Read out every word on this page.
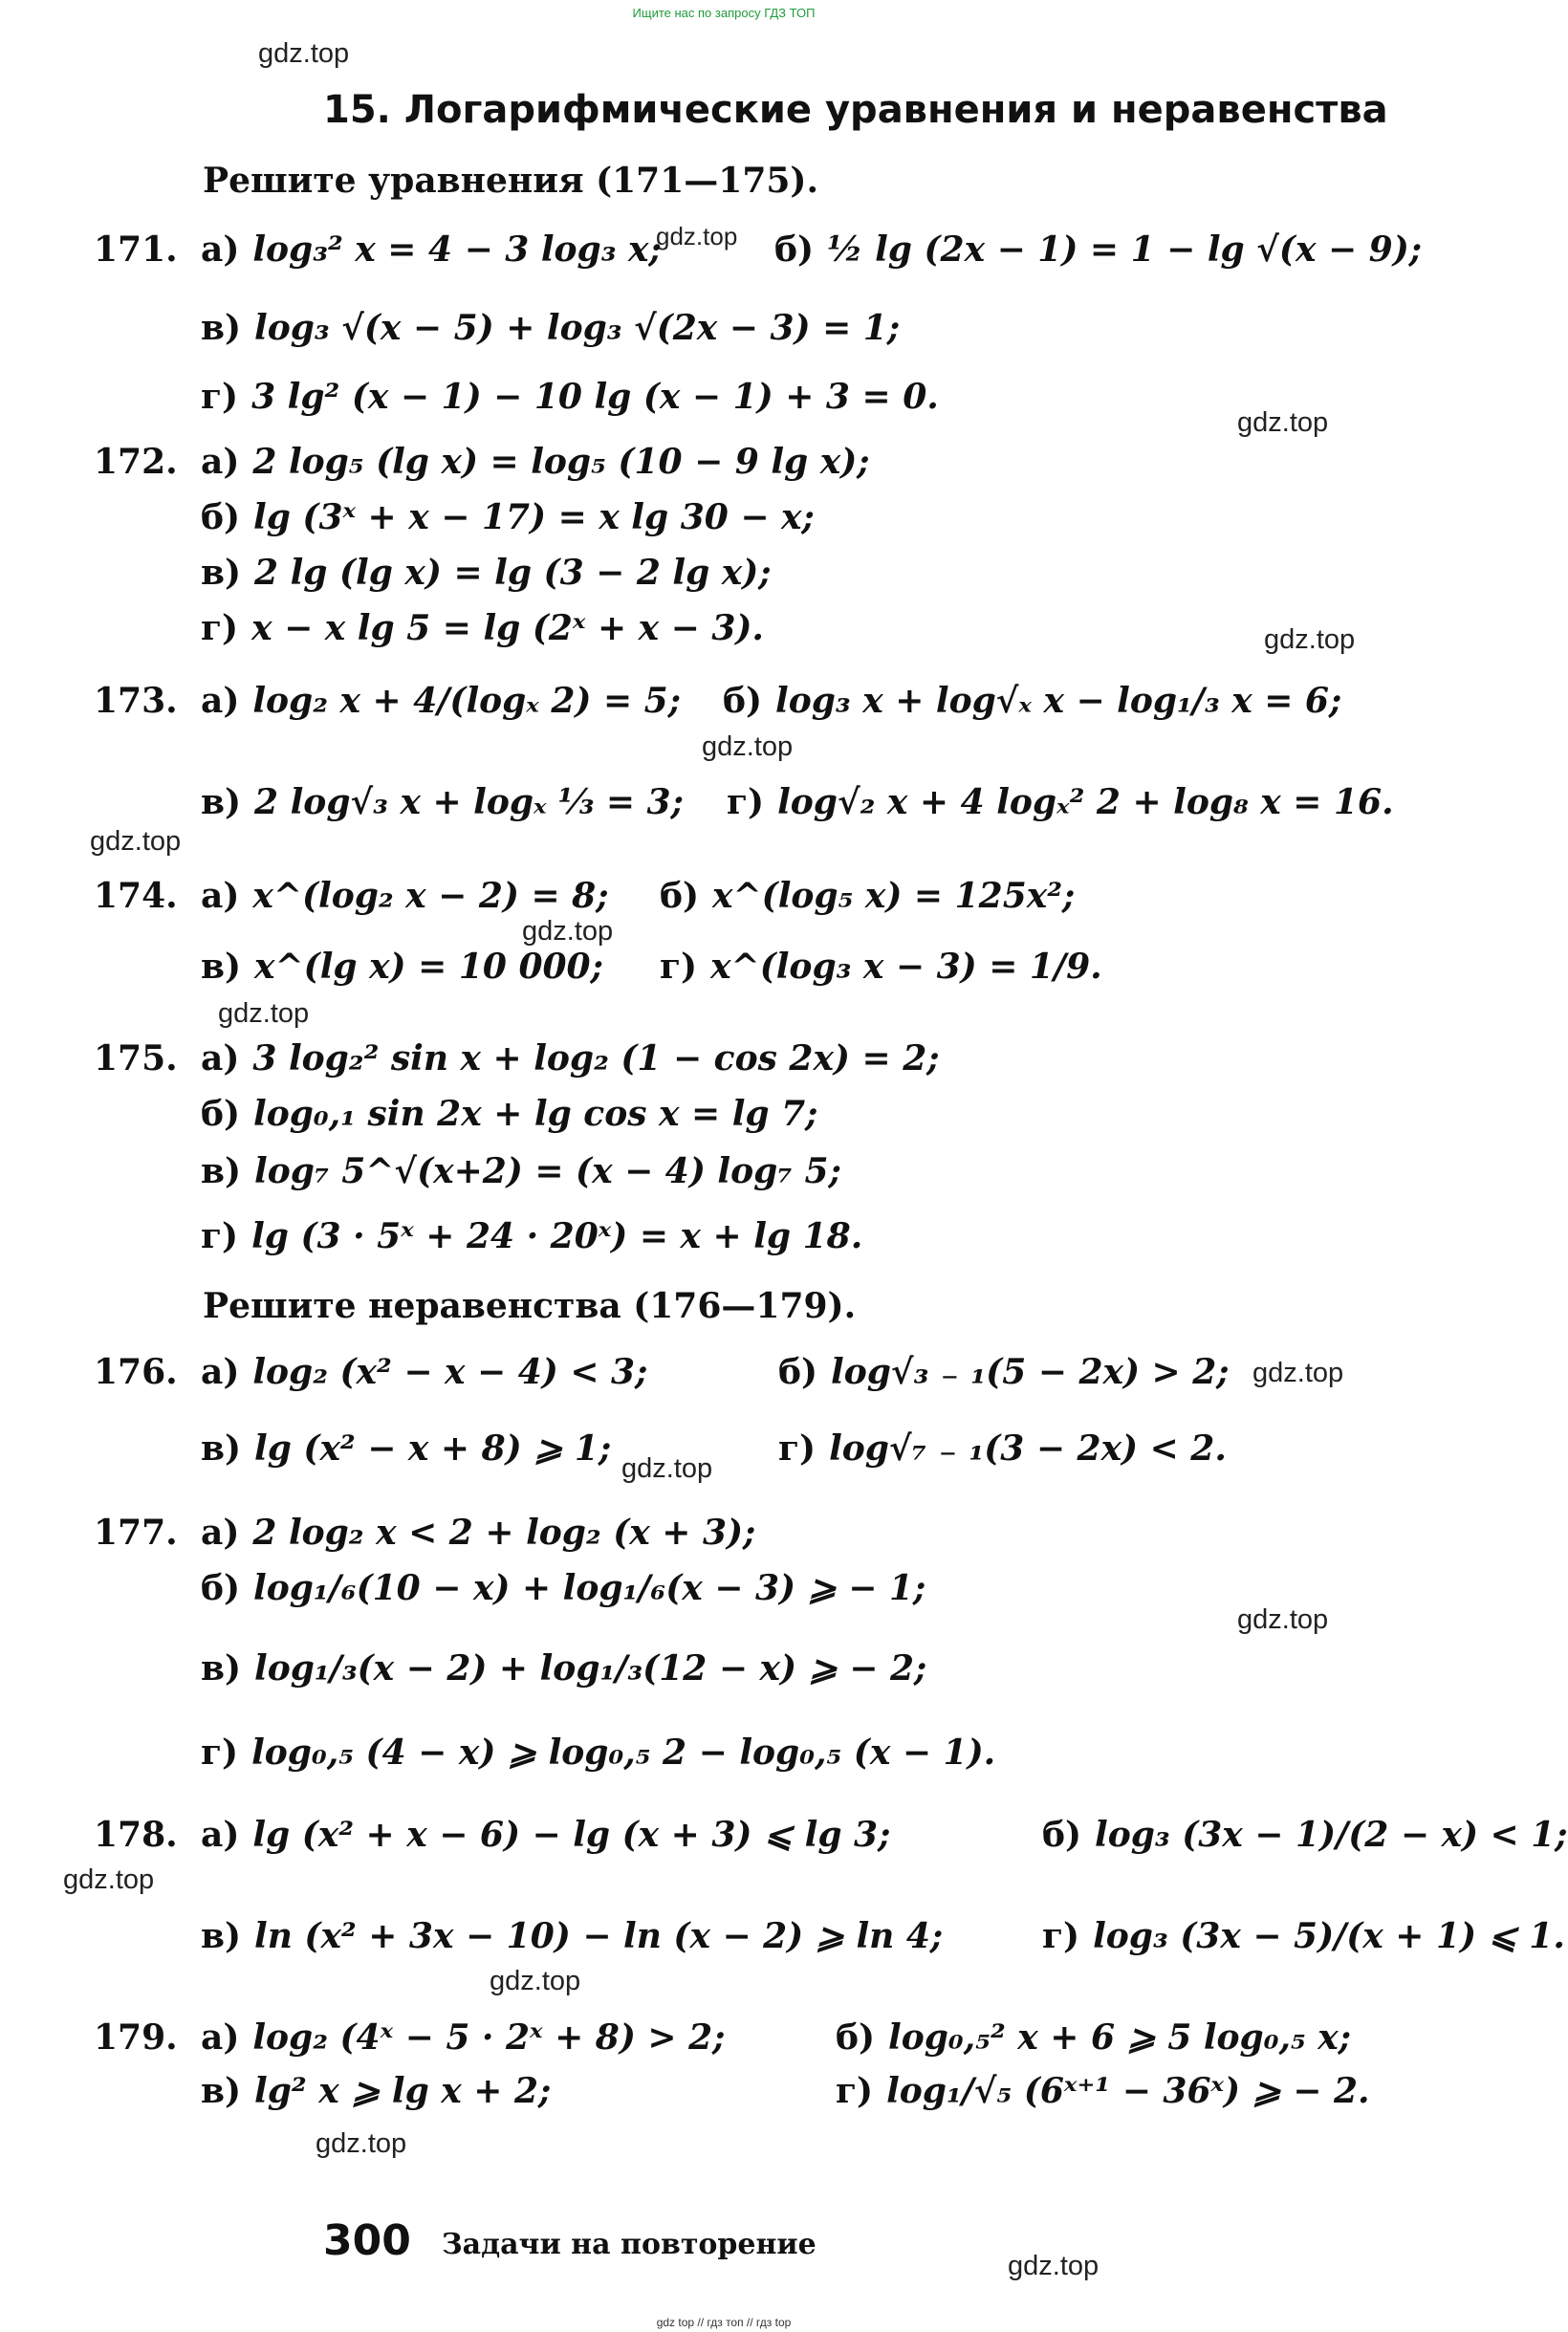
Ищите нас по запросу ГДЗ ТОП
gdz.top
gdz.top
gdz.top
gdz.top
gdz.top
gdz.top
gdz.top
gdz.top
gdz.top
gdz.top
gdz.top
gdz.top
gdz.top
gdz.top
gdz.top
15. Логарифмические уравнения и неравенства
Решите уравнения (171—175).
Решите неравенства (176—179).
171. а) log₃² x = 4 − 3 log₃ x;	б) ½ lg (2x − 1) = 1 − lg √(x − 9);
в) log₃ √(x − 5) + log₃ √(2x − 3) = 1;
г) 3 lg² (x − 1) − 10 lg (x − 1) + 3 = 0.
172. а) 2 log₅ (lg x) = log₅ (10 − 9 lg x);
б) lg (3ˣ + x − 17) = x lg 30 − x;
в) 2 lg (lg x) = lg (3 − 2 lg x);
г) x − x lg 5 = lg (2ˣ + x − 3).
173. а) log₂ x + 4/(logₓ 2) = 5; б) log₃ x + log√ₓ x − log₁/₃ x = 6;
в) 2 log√₃ x + logₓ ⅓ = 3; г) log√₂ x + 4 logₓ² 2 + log₈ x = 16.
174. а) x^(log₂ x − 2) = 8; б) x^(log₅ x) = 125x²;
в) x^(lg x) = 10 000; г) x^(log₃ x − 3) = 1/9.
175. а) 3 log₂² sin x + log₂ (1 − cos 2x) = 2;
б) log₀,₁ sin 2x + lg cos x = lg 7;
в) log₇ 5^√(x+2) = (x − 4) log₇ 5;
г) lg (3 · 5ˣ + 24 · 20ˣ) = x + lg 18.
176. а) log₂ (x² − x − 4) < 3;	б) log√₃ ₋ ₁(5 − 2x) > 2;
в) lg (x² − x + 8) ⩾ 1;	г) log√₇ ₋ ₁(3 − 2x) < 2.
177. а) 2 log₂ x < 2 + log₂ (x + 3);
б) log₁/₆(10 − x) + log₁/₆(x − 3) ⩾ − 1;
в) log₁/₃(x − 2) + log₁/₃(12 − x) ⩾ − 2;
г) log₀,₅ (4 − x) ⩾ log₀,₅ 2 − log₀,₅ (x − 1).
178. а) lg (x² + x − 6) − lg (x + 3) ⩽ lg 3;	б) log₃ (3x − 1)/(2 − x) < 1;
в) ln (x² + 3x − 10) − ln (x − 2) ⩾ ln 4;	г) log₃ (3x − 5)/(x + 1) ⩽ 1.
179. а) log₂ (4ˣ − 5 · 2ˣ + 8) > 2;	б) log₀,₅² x + 6 ⩾ 5 log₀,₅ x;
в) lg² x ⩾ lg x + 2;	г) log₁/√₅ (6ˣ⁺¹ − 36ˣ) ⩾ − 2.
300 Задачи на повторение
gdz top // гдз топ // гдз top
